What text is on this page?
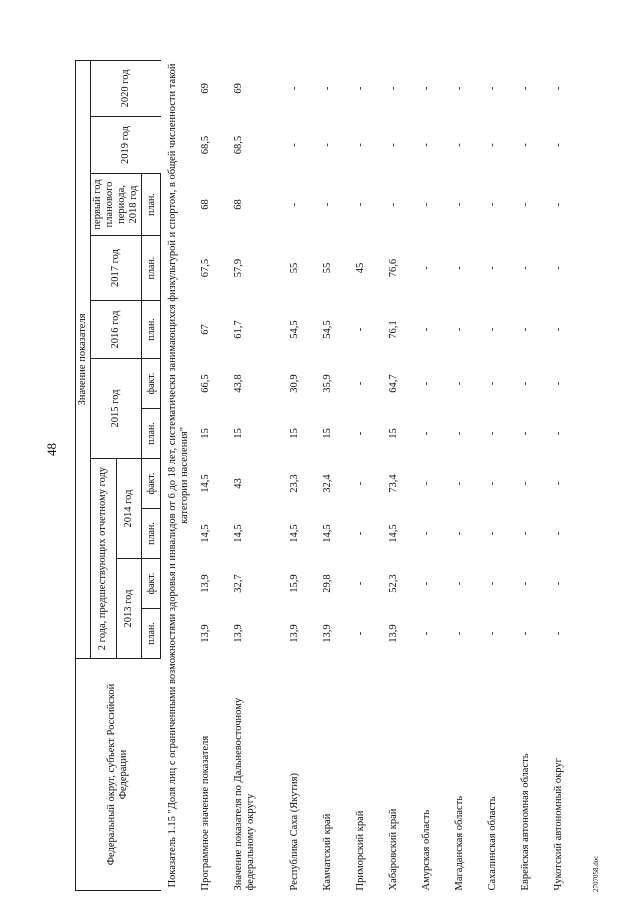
48
2707058.doc
Федеральный округ, субъект Российской Федерации	Значение показателя										
	2 года, предшествующих отчетному году				2015 год		2016 год	2017 год	первый год планового периода, 2018 год	2019 год	2020 год
	2013 год		2014 год								
	план.	факт.	план.	факт.	план.	факт.	план.	план.	план.		
Показатель 1.15 "Доля лиц с ограниченными возможностями здоровья и инвалидов от 6 до 18 лет, систематически занимающихся физкультурой и спортом, в общей численности такой категории населения"											
Программное значение показателя	13,9	13,9	14,5	14,5	15	66,5	67	67,5	68	68,5	69
Значение показателя по Дальневосточному федеральному округу	13,9	32,7	14,5	43	15	43,8	61,7	57,9	68	68,5	69
Республика Саха (Якутия)	13,9	15,9	14,5	23,3	15	30,9	54,5	55	-	-	-
Камчатский край	13,9	29,8	14,5	32,4	15	35,9	54,5	55	-	-	-
Приморский край	-	-	-	-	-	-	-	45	-	-	-
Хабаровский край	13,9	52,3	14,5	73,4	15	64,7	76,1	76,6	-	-	-
Амурская область	-	-	-	-	-	-	-	-	-	-	-
Магаданская область	-	-	-	-	-	-	-	-	-	-	-
Сахалинская область	-	-	-	-	-	-	-	-	-	-	-
Еврейская автономная область	-	-	-	-	-	-	-	-	-	-	-
Чукотский автономный округ	-	-	-	-	-	-	-	-	-	-	-
